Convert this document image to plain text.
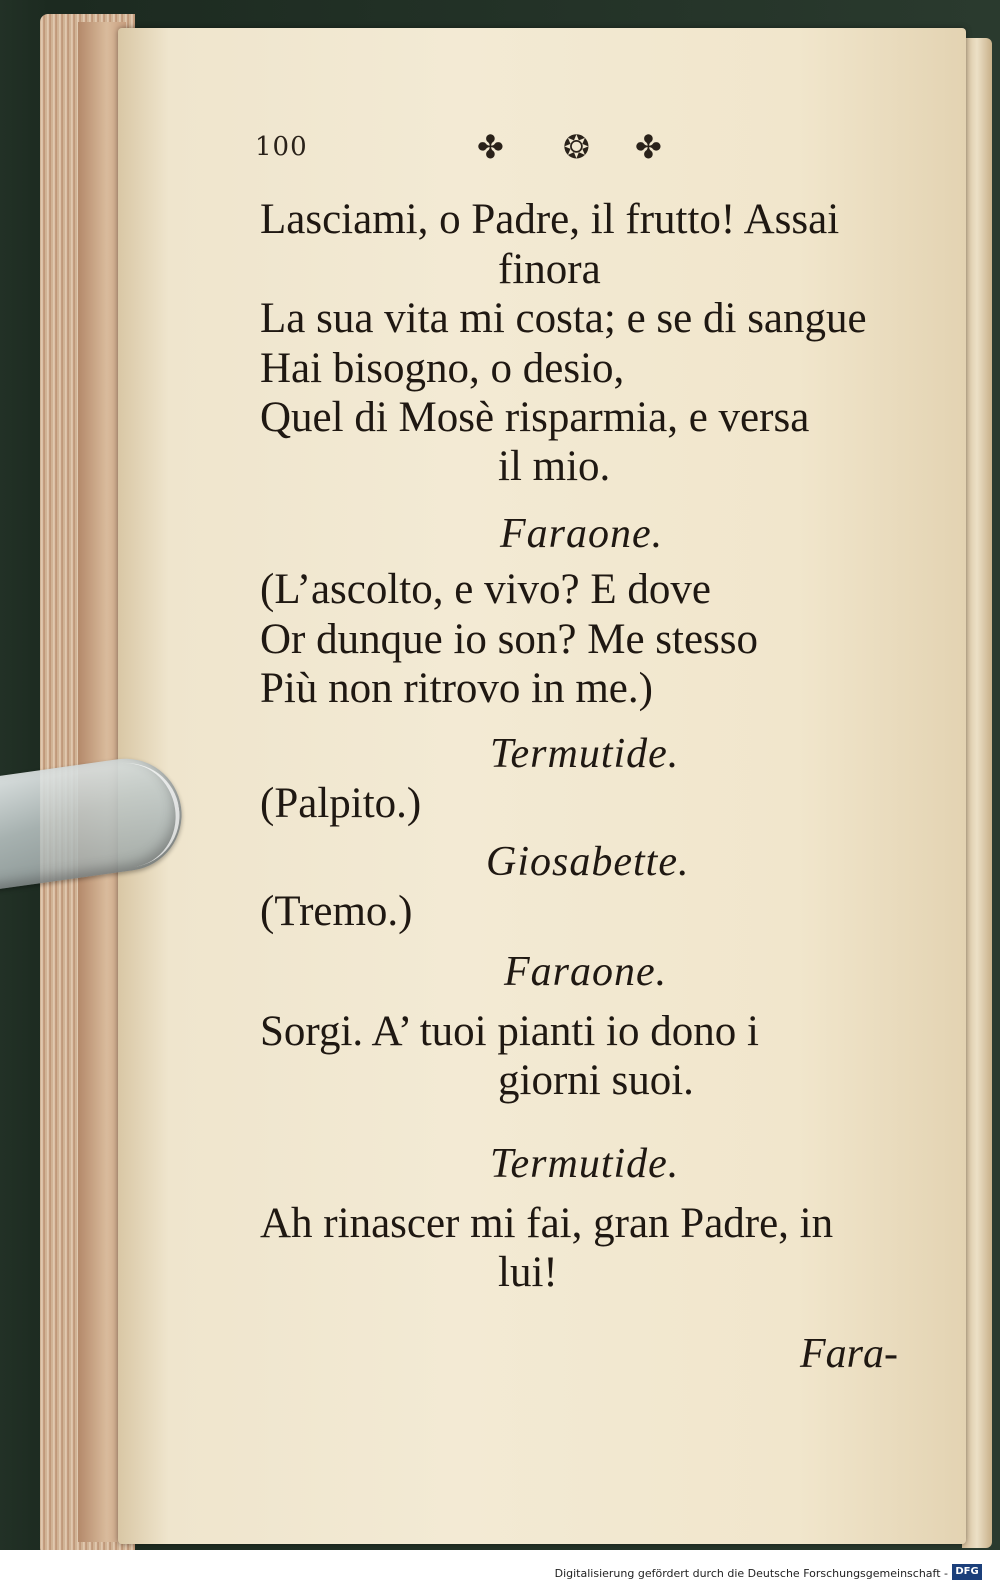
100	✤ ❂ ✤
Lasciami, o Padre, il frutto! Assai
finora
La sua vita mi costa; e se di sangue
Hai bisogno, o desio,
Quel di Mosè risparmia, e versa
il mio.
Faraone.
(L’ascolto, e vivo? E dove
Or dunque io son? Me stesso
Più non ritrovo in me.)
Termutide.
(Palpito.)
Giosabette.
(Tremo.)
Faraone.
Sorgi. A’ tuoi pianti io dono i
giorni suoi.
Termutide.
Ah rinascer mi fai, gran Padre, in
lui!
Fara-
Digitalisierung gefördert durch die Deutsche Forschungsgemeinschaft - DFG
